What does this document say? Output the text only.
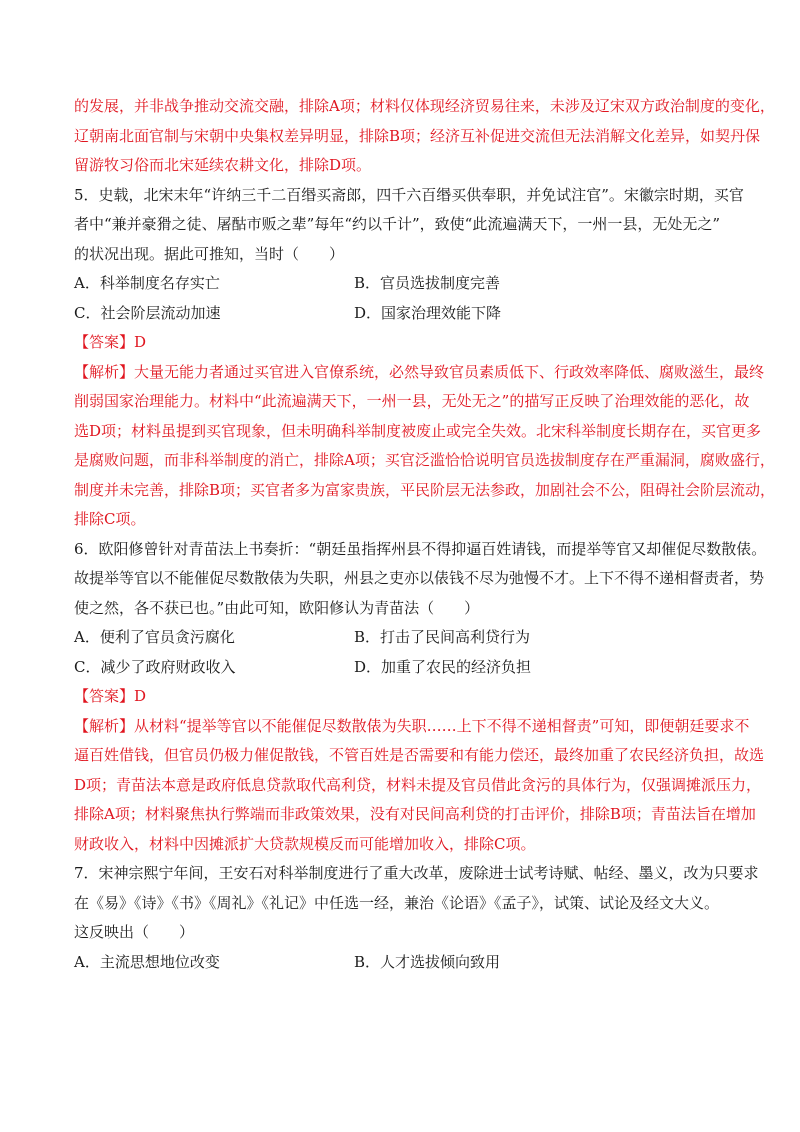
的发展，并非战争推动交流交融，排除A项；材料仅体现经济贸易往来，未涉及辽宋双方政治制度的变化，
辽朝南北面官制与宋朝中央集权差异明显，排除B项；经济互补促进交流但无法消解文化差异，如契丹保
留游牧习俗而北宋延续农耕文化，排除D项。
5．史载，北宋末年“许纳三千二百缗买斋郎，四千六百缗买供奉职，并免试注官”。宋徽宗时期，买官
者中“兼并豪猾之徒、屠酤市贩之辈”每年“约以千计”，致使“此流遍满天下，一州一县，无处无之”
的状况出现。据此可推知，当时（　　）
A．科举制度名存实亡	B．官员选拔制度完善
C．社会阶层流动加速	D．国家治理效能下降
【答案】D
【解析】大量无能力者通过买官进入官僚系统，必然导致官员素质低下、行政效率降低、腐败滋生，最终
削弱国家治理能力。材料中“此流遍满天下，一州一县，无处无之”的描写正反映了治理效能的恶化，故
选D项；材料虽提到买官现象，但未明确科举制度被废止或完全失效。北宋科举制度长期存在，买官更多
是腐败问题，而非科举制度的消亡，排除A项；买官泛滥恰恰说明官员选拔制度存在严重漏洞，腐败盛行，
制度并未完善，排除B项；买官者多为富家贵族，平民阶层无法参政，加剧社会不公，阻碍社会阶层流动，
排除C项。
6．欧阳修曾针对青苗法上书奏折：“朝廷虽指挥州县不得抑逼百姓请钱，而提举等官又却催促尽数散俵。
故提举等官以不能催促尽数散俵为失职，州县之吏亦以俵钱不尽为弛慢不才。上下不得不递相督责者，势
使之然，各不获已也。”由此可知，欧阳修认为青苗法（　　）
A．便利了官员贪污腐化	B．打击了民间高利贷行为
C．减少了政府财政收入	D．加重了农民的经济负担
【答案】D
【解析】从材料“提举等官以不能催促尽数散俵为失职……上下不得不递相督责”可知，即便朝廷要求不
逼百姓借钱，但官员仍极力催促散钱，不管百姓是否需要和有能力偿还，最终加重了农民经济负担，故选
D项；青苗法本意是政府低息贷款取代高利贷，材料未提及官员借此贪污的具体行为，仅强调摊派压力，
排除A项；材料聚焦执行弊端而非政策效果，没有对民间高利贷的打击评价，排除B项；青苗法旨在增加
财政收入，材料中因摊派扩大贷款规模反而可能增加收入，排除C项。
7．宋神宗熙宁年间，王安石对科举制度进行了重大改革，废除进士试考诗赋、帖经、墨义，改为只要求
在《易》《诗》《书》《周礼》《礼记》中任选一经，兼治《论语》《孟子》，试策、试论及经文大义。
这反映出（　　）
A．主流思想地位改变	B．人才选拔倾向致用
